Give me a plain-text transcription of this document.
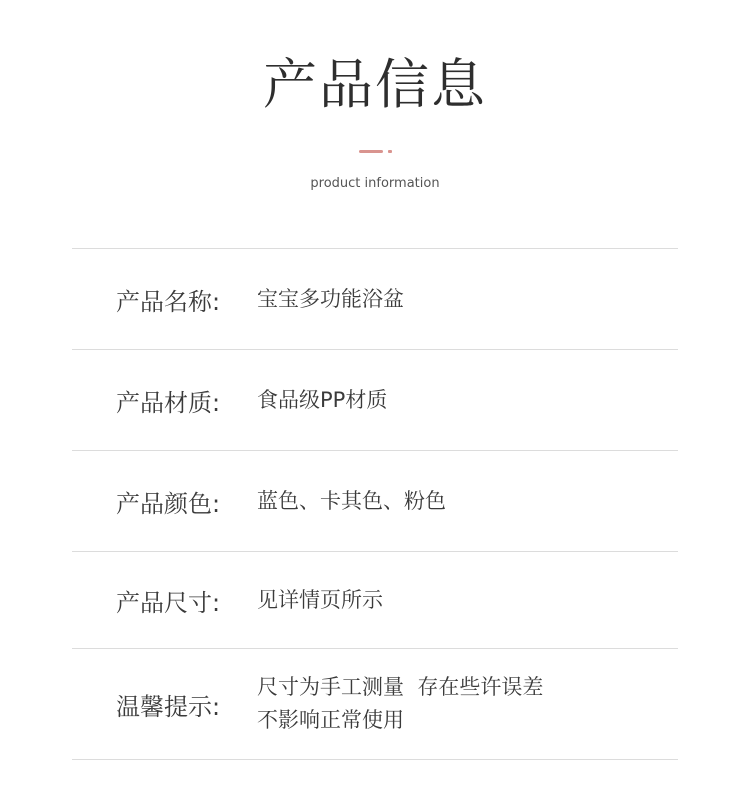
产品信息
product information
产品名称:	宝宝多功能浴盆
产品材质:	食品级PP材质
产品颜色:	蓝色、卡其色、粉色
产品尺寸:	见详情页所示
温馨提示:
尺寸为手工测量  存在些许误差
不影响正常使用
